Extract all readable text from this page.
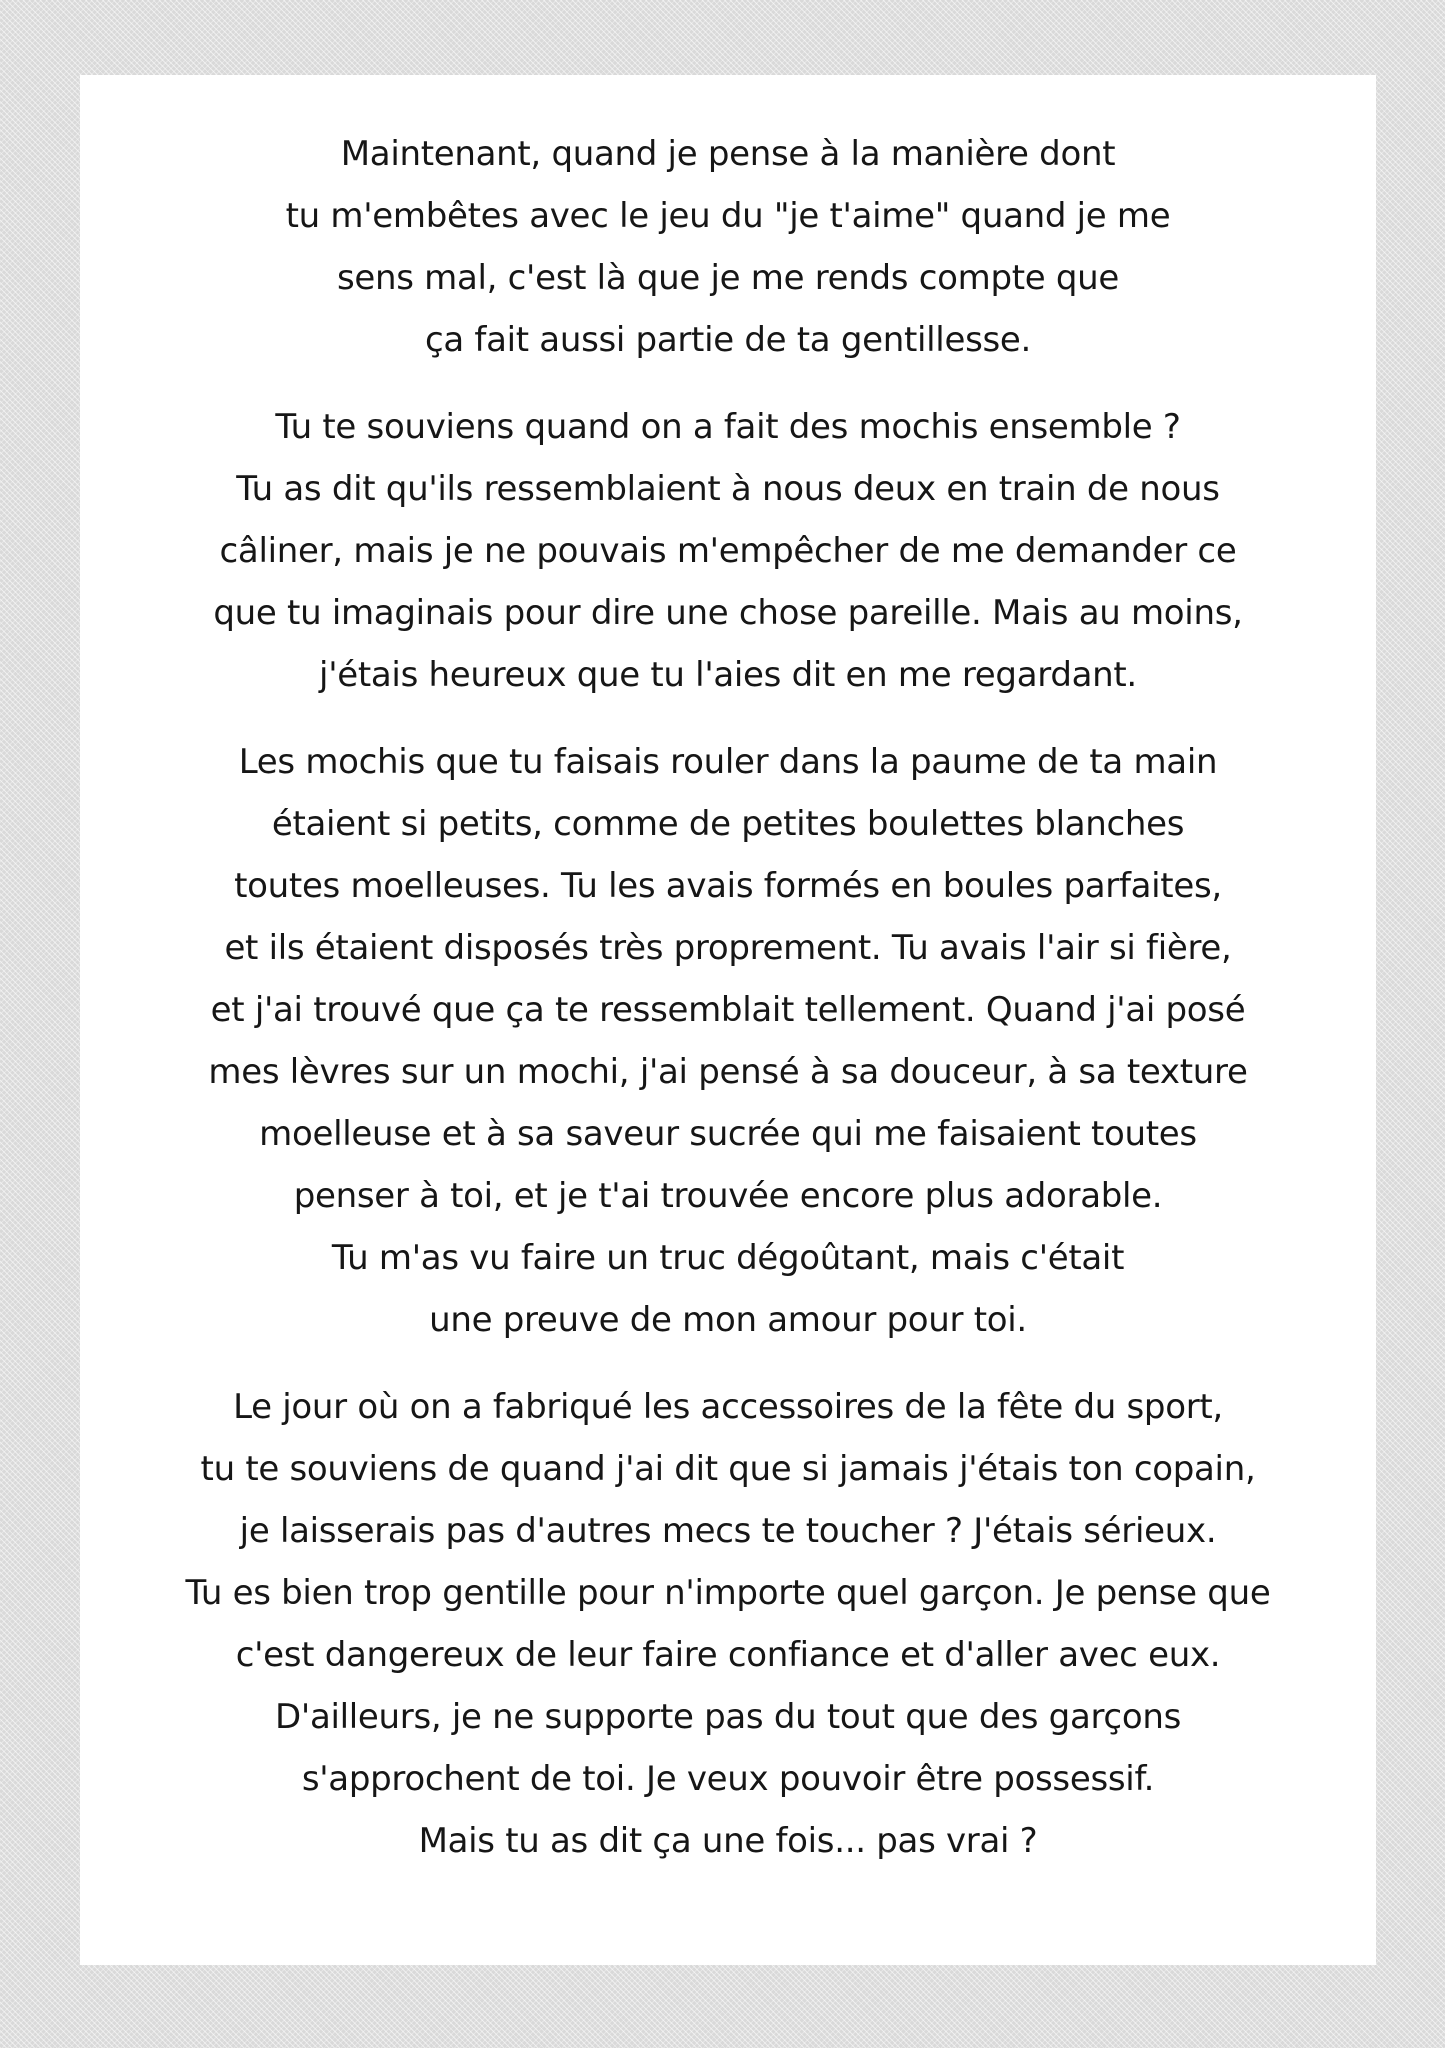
Maintenant, quand je pense à la manière dont
tu m'embêtes avec le jeu du "je t'aime" quand je me
sens mal, c'est là que je me rends compte que
ça fait aussi partie de ta gentillesse.
Tu te souviens quand on a fait des mochis ensemble ?
Tu as dit qu'ils ressemblaient à nous deux en train de nous
câliner, mais je ne pouvais m'empêcher de me demander ce
que tu imaginais pour dire une chose pareille. Mais au moins,
j'étais heureux que tu l'aies dit en me regardant.
Les mochis que tu faisais rouler dans la paume de ta main
étaient si petits, comme de petites boulettes blanches
toutes moelleuses. Tu les avais formés en boules parfaites,
et ils étaient disposés très proprement. Tu avais l'air si fière,
et j'ai trouvé que ça te ressemblait tellement. Quand j'ai posé
mes lèvres sur un mochi, j'ai pensé à sa douceur, à sa texture
moelleuse et à sa saveur sucrée qui me faisaient toutes
penser à toi, et je t'ai trouvée encore plus adorable.
Tu m'as vu faire un truc dégoûtant, mais c'était
une preuve de mon amour pour toi.
Le jour où on a fabriqué les accessoires de la fête du sport,
tu te souviens de quand j'ai dit que si jamais j'étais ton copain,
je laisserais pas d'autres mecs te toucher ? J'étais sérieux.
Tu es bien trop gentille pour n'importe quel garçon. Je pense que
c'est dangereux de leur faire confiance et d'aller avec eux.
D'ailleurs, je ne supporte pas du tout que des garçons
s'approchent de toi. Je veux pouvoir être possessif.
Mais tu as dit ça une fois... pas vrai ?
